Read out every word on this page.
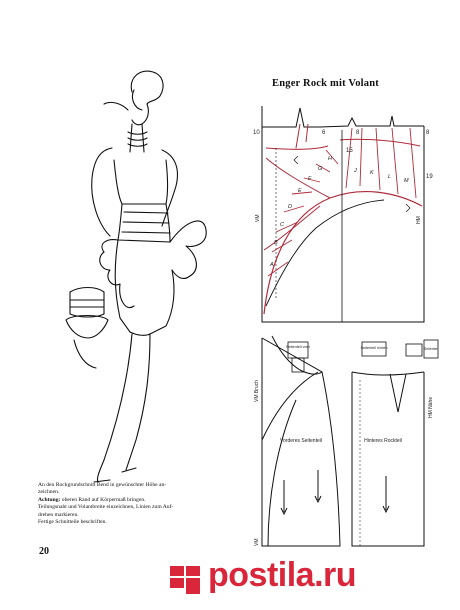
10	8
6
15
8
19
A
B
C
D
E
F
G
H
J K
L
M
VM	HM
Seitenteil vorn
Vorderes Seitenteil
VM Bruch
VM
Seitenteil hinten	Seitenteil
Hinteres Rockteil
HM Nähe
Enger Rock mit Volant
An den Rockgrundschnitt Bend in gewünschter Höhe an-
zeichnen.
Achtung: oberen Rand auf Körpermaß bringen.
Teilungsnaht und Volantbreite einzeichnen, Linien zum Auf-
drehen markieren.
Fertige Schnitteile beschriften.
20
postila.ru
